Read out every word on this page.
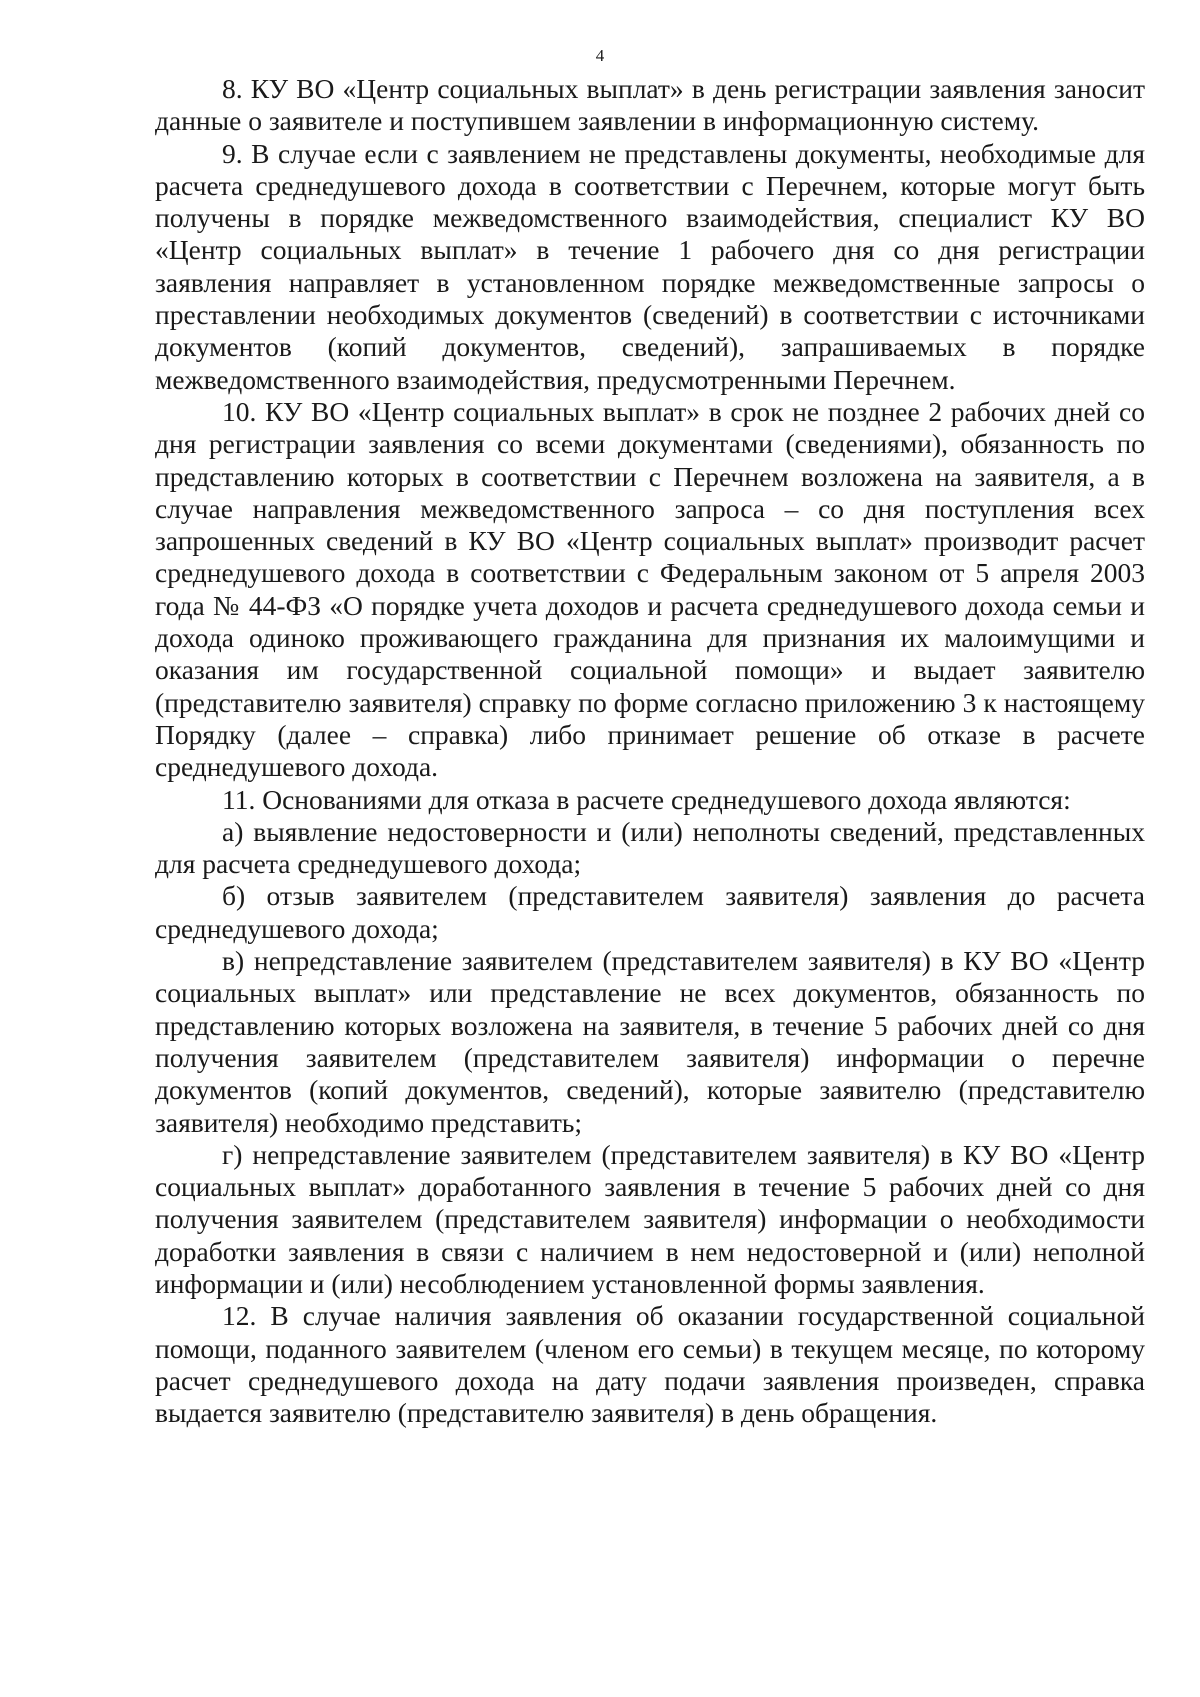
4

8. КУ ВО «Центр социальных выплат» в день регистрации заявления заносит данные о заявителе и поступившем заявлении в информационную систему.

9. В случае если с заявлением не представлены документы, необходимые для расчета среднедушевого дохода в соответствии с Перечнем, которые могут быть получены в порядке межведомственного взаимодействия, специалист КУ ВО «Центр социальных выплат» в течение 1 рабочего дня со дня регистрации заявления направляет в установленном порядке межведомственные запросы о преставлении необходимых документов (сведений) в соответствии с источниками документов (копий документов, сведений), запрашиваемых в порядке межведомственного взаимодействия, предусмотренными Перечнем.

10. КУ ВО «Центр социальных выплат» в срок не позднее 2 рабочих дней со дня регистрации заявления со всеми документами (сведениями), обязанность по представлению которых в соответствии с Перечнем возложена на заявителя, а в случае направления межведомственного запроса – со дня поступления всех запрошенных сведений в КУ ВО «Центр социальных выплат» производит расчет среднедушевого дохода в соответствии с Федеральным законом от 5 апреля 2003 года № 44-ФЗ «О порядке учета доходов и расчета среднедушевого дохода семьи и дохода одиноко проживающего гражданина для признания их малоимущими и оказания им государственной социальной помощи» и выдает заявителю (представителю заявителя) справку по форме согласно приложению 3 к настоящему Порядку (далее – справка) либо принимает решение об отказе в расчете среднедушевого дохода.

11. Основаниями для отказа в расчете среднедушевого дохода являются:

а) выявление недостоверности и (или) неполноты сведений, представленных для расчета среднедушевого дохода;

б) отзыв заявителем (представителем заявителя) заявления до расчета среднедушевого дохода;

в) непредставление заявителем (представителем заявителя) в КУ ВО «Центр социальных выплат» или представление не всех документов, обязанность по представлению которых возложена на заявителя, в течение 5 рабочих дней со дня получения заявителем (представителем заявителя) информации о перечне документов (копий документов, сведений), которые заявителю (представителю заявителя) необходимо представить;

г) непредставление заявителем (представителем заявителя) в КУ ВО «Центр социальных выплат» доработанного заявления в течение 5 рабочих дней со дня получения заявителем (представителем заявителя) информации о необходимости доработки заявления в связи с наличием в нем недостоверной и (или) неполной информации и (или) несоблюдением установленной формы заявления.

12. В случае наличия заявления об оказании государственной социальной помощи, поданного заявителем (членом его семьи) в текущем месяце, по которому расчет среднедушевого дохода на дату подачи заявления произведен, справка выдается заявителю (представителю заявителя) в день обращения.
